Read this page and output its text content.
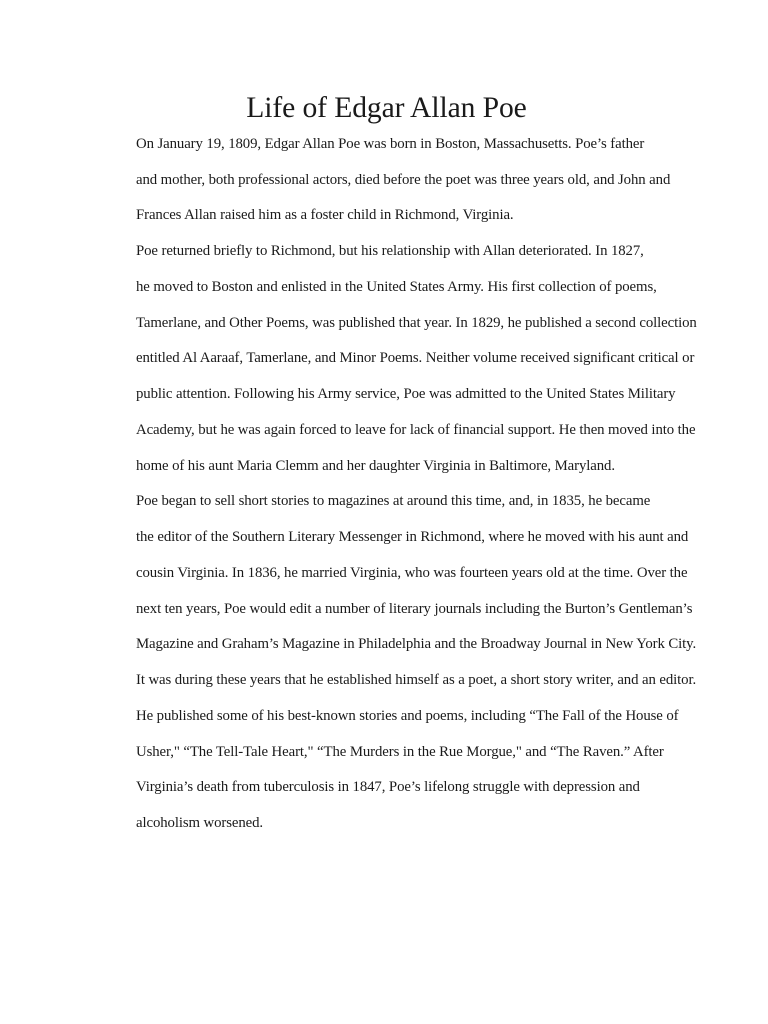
Life of Edgar Allan Poe

On January 19, 1809, Edgar Allan Poe was born in Boston, Massachusetts. Poe’s father
and mother, both professional actors, died before the poet was three years old, and John and
Frances Allan raised him as a foster child in Richmond, Virginia.

Poe returned briefly to Richmond, but his relationship with Allan deteriorated. In 1827,
he moved to Boston and enlisted in the United States Army. His first collection of poems,
Tamerlane, and Other Poems, was published that year. In 1829, he published a second collection
entitled Al Aaraaf, Tamerlane, and Minor Poems. Neither volume received significant critical or
public attention. Following his Army service, Poe was admitted to the United States Military
Academy, but he was again forced to leave for lack of financial support. He then moved into the
home of his aunt Maria Clemm and her daughter Virginia in Baltimore, Maryland.

Poe began to sell short stories to magazines at around this time, and, in 1835, he became
the editor of the Southern Literary Messenger in Richmond, where he moved with his aunt and
cousin Virginia. In 1836, he married Virginia, who was fourteen years old at the time. Over the
next ten years, Poe would edit a number of literary journals including the Burton’s Gentleman’s
Magazine and Graham’s Magazine in Philadelphia and the Broadway Journal in New York City.
It was during these years that he established himself as a poet, a short story writer, and an editor.
He published some of his best-known stories and poems, including “The Fall of the House of
Usher," “The Tell-Tale Heart," “The Murders in the Rue Morgue," and “The Raven.” After
Virginia’s death from tuberculosis in 1847, Poe’s lifelong struggle with depression and
alcoholism worsened.
